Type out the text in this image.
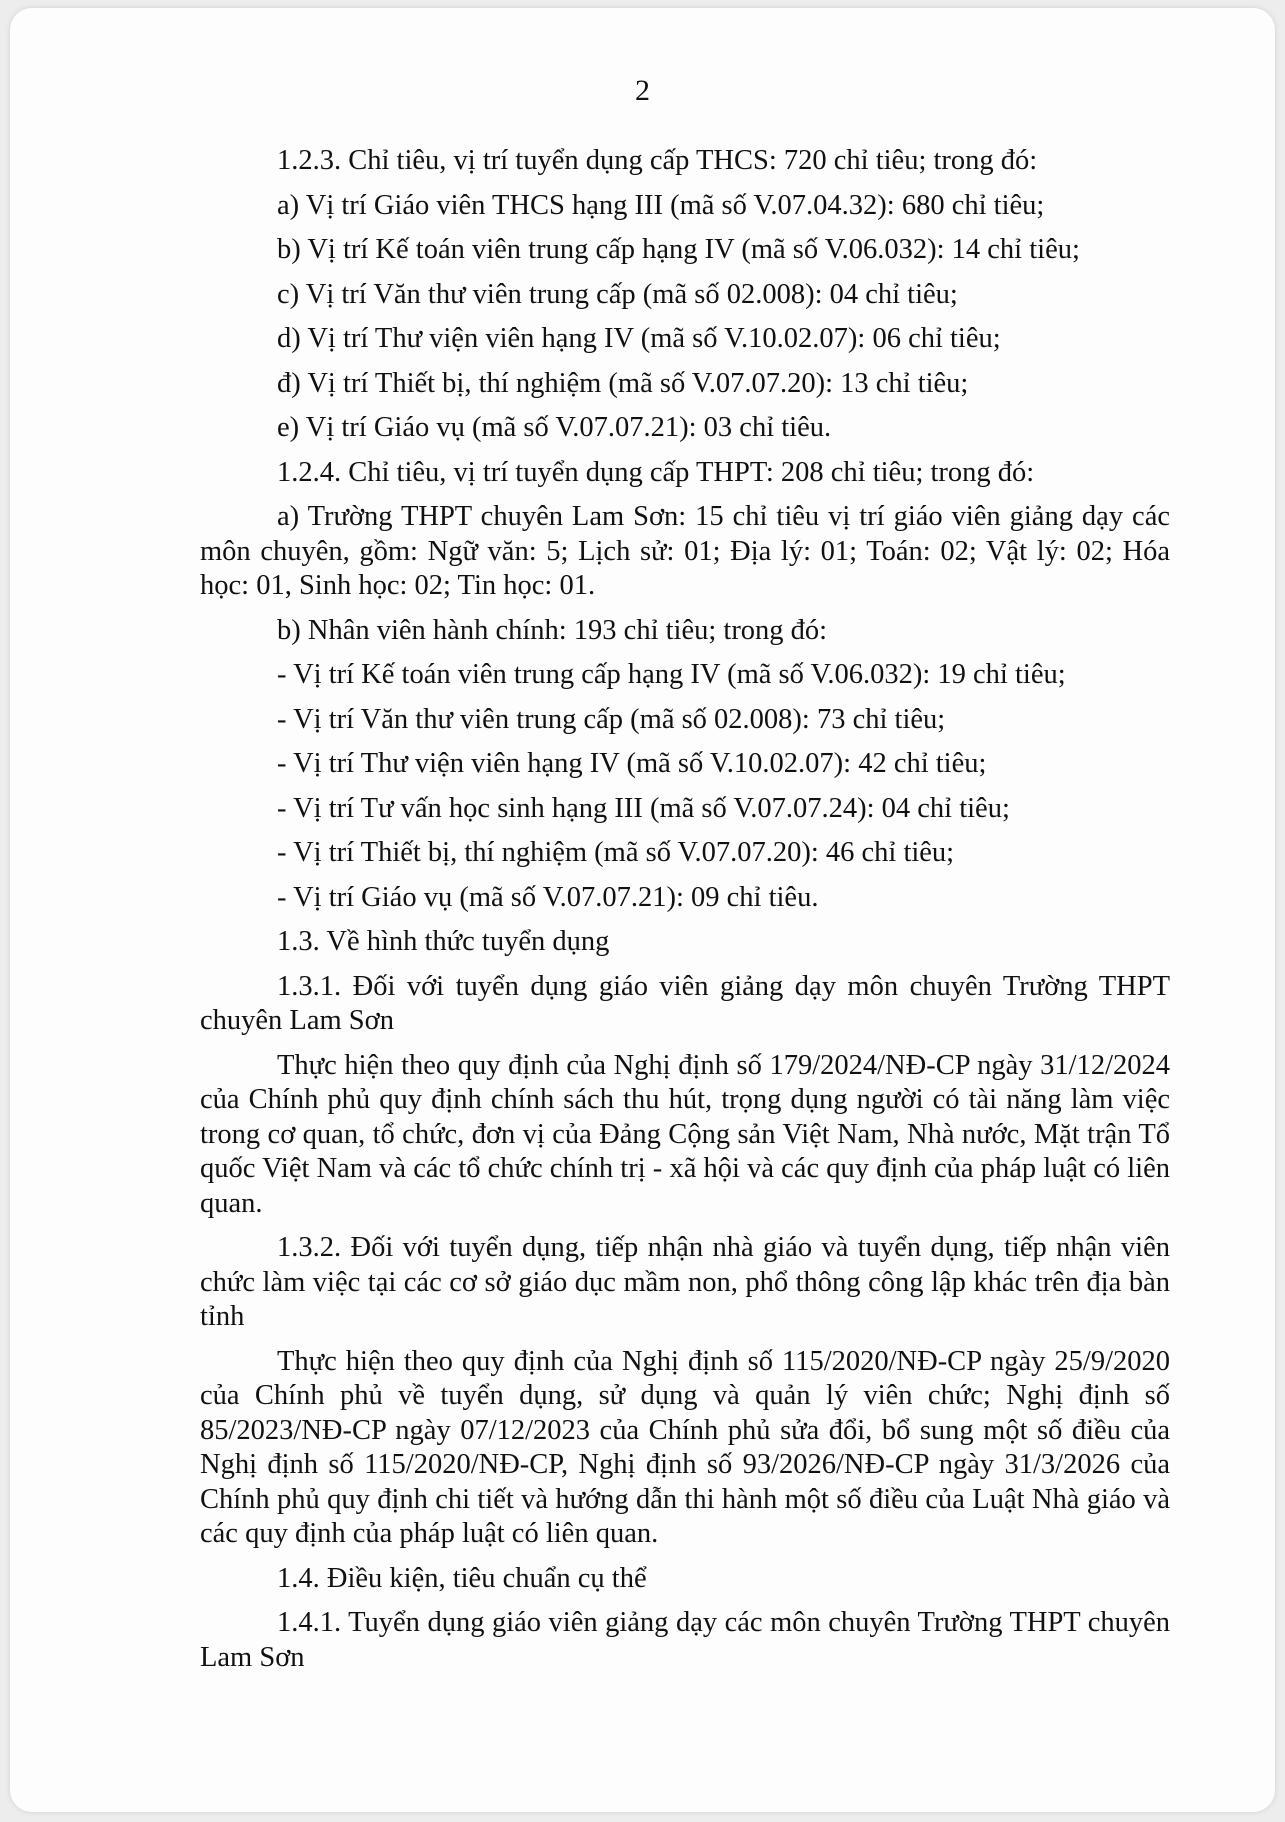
2

1.2.3. Chỉ tiêu, vị trí tuyển dụng cấp THCS: 720 chỉ tiêu; trong đó:

a) Vị trí Giáo viên THCS hạng III (mã số V.07.04.32): 680 chỉ tiêu;

b) Vị trí Kế toán viên trung cấp hạng IV (mã số V.06.032): 14 chỉ tiêu;

c) Vị trí Văn thư viên trung cấp (mã số 02.008): 04 chỉ tiêu;

d) Vị trí Thư viện viên hạng IV (mã số V.10.02.07): 06 chỉ tiêu;

đ) Vị trí Thiết bị, thí nghiệm (mã số V.07.07.20): 13 chỉ tiêu;

e) Vị trí Giáo vụ (mã số V.07.07.21): 03 chỉ tiêu.

1.2.4. Chỉ tiêu, vị trí tuyển dụng cấp THPT: 208 chỉ tiêu; trong đó:

a) Trường THPT chuyên Lam Sơn: 15 chỉ tiêu vị trí giáo viên giảng dạy các môn chuyên, gồm: Ngữ văn: 5; Lịch sử: 01; Địa lý: 01; Toán: 02; Vật lý: 02; Hóa học: 01, Sinh học: 02; Tin học: 01.

b) Nhân viên hành chính: 193 chỉ tiêu; trong đó:

- Vị trí Kế toán viên trung cấp hạng IV (mã số V.06.032): 19 chỉ tiêu;

- Vị trí Văn thư viên trung cấp (mã số 02.008): 73 chỉ tiêu;

- Vị trí Thư viện viên hạng IV (mã số V.10.02.07): 42 chỉ tiêu;

- Vị trí Tư vấn học sinh hạng III (mã số V.07.07.24): 04 chỉ tiêu;

- Vị trí Thiết bị, thí nghiệm (mã số V.07.07.20): 46 chỉ tiêu;

- Vị trí Giáo vụ (mã số V.07.07.21): 09 chỉ tiêu.

1.3. Về hình thức tuyển dụng

1.3.1. Đối với tuyển dụng giáo viên giảng dạy môn chuyên Trường THPT chuyên Lam Sơn

Thực hiện theo quy định của Nghị định số 179/2024/NĐ-CP ngày 31/12/2024 của Chính phủ quy định chính sách thu hút, trọng dụng người có tài năng làm việc trong cơ quan, tổ chức, đơn vị của Đảng Cộng sản Việt Nam, Nhà nước, Mặt trận Tổ quốc Việt Nam và các tổ chức chính trị - xã hội và các quy định của pháp luật có liên quan.

1.3.2. Đối với tuyển dụng, tiếp nhận nhà giáo và tuyển dụng, tiếp nhận viên chức làm việc tại các cơ sở giáo dục mầm non, phổ thông công lập khác trên địa bàn tỉnh

Thực hiện theo quy định của Nghị định số 115/2020/NĐ-CP ngày 25/9/2020 của Chính phủ về tuyển dụng, sử dụng và quản lý viên chức; Nghị định số 85/2023/NĐ-CP ngày 07/12/2023 của Chính phủ sửa đổi, bổ sung một số điều của Nghị định số 115/2020/NĐ-CP, Nghị định số 93/2026/NĐ-CP ngày 31/3/2026 của Chính phủ quy định chi tiết và hướng dẫn thi hành một số điều của Luật Nhà giáo và các quy định của pháp luật có liên quan.

1.4. Điều kiện, tiêu chuẩn cụ thể

1.4.1. Tuyển dụng giáo viên giảng dạy các môn chuyên Trường THPT chuyên Lam Sơn
